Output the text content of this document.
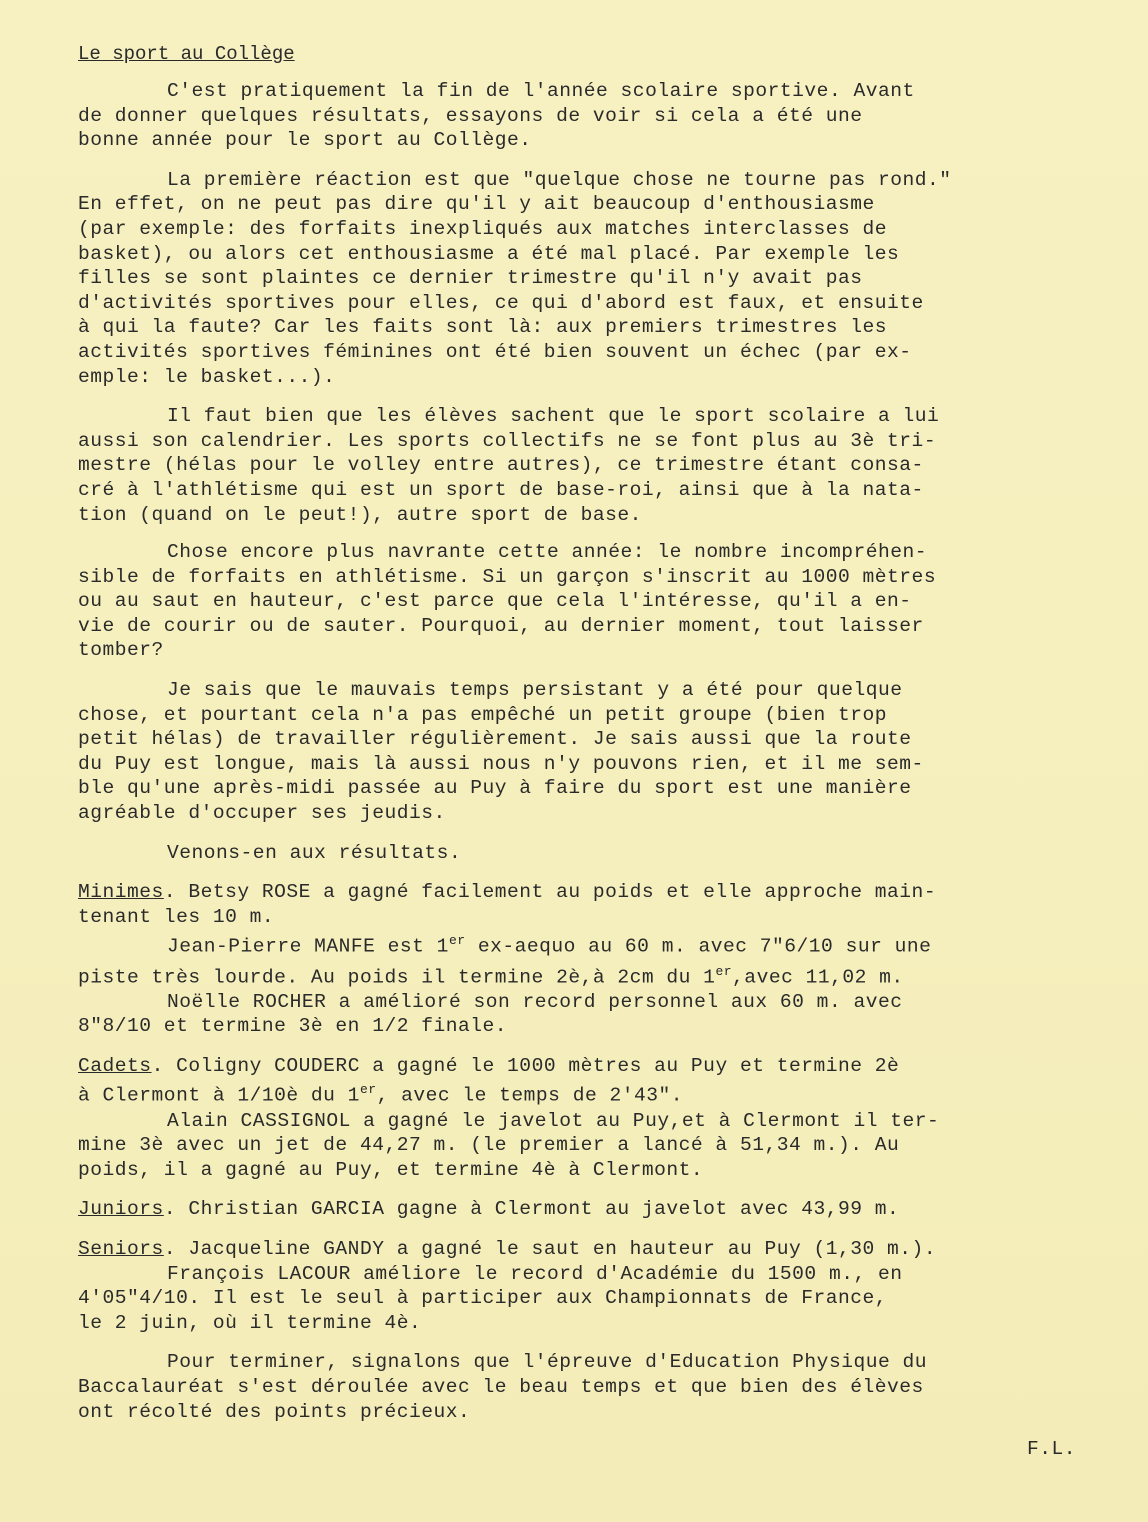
Le sport au Collège

C'est pratiquement la fin de l'année scolaire sportive. Avant

de donner quelques résultats, essayons de voir si cela a été une

bonne année pour le sport au Collège.

La première réaction est que "quelque chose ne tourne pas rond."

En effet, on ne peut pas dire qu'il y ait beaucoup d'enthousiasme

(par exemple: des forfaits inexpliqués aux matches interclasses de

basket), ou alors cet enthousiasme a été mal placé. Par exemple les

filles se sont plaintes ce dernier trimestre qu'il n'y avait pas

d'activités sportives pour elles, ce qui d'abord est faux, et ensuite

à qui la faute? Car les faits sont là: aux premiers trimestres les

activités sportives féminines ont été bien souvent un échec (par ex-

emple: le basket...).

Il faut bien que les élèves sachent que le sport scolaire a lui

aussi son calendrier. Les sports collectifs ne se font plus au 3è tri-

mestre (hélas pour le volley entre autres), ce trimestre étant consa-

cré à l'athlétisme qui est un sport de base-roi, ainsi que à la nata-

tion (quand on le peut!), autre sport de base.

Chose encore plus navrante cette année: le nombre incompréhen-

sible de forfaits en athlétisme. Si un garçon s'inscrit au 1000 mètres

ou au saut en hauteur, c'est parce que cela l'intéresse, qu'il a en-

vie de courir ou de sauter. Pourquoi, au dernier moment, tout laisser

tomber?

Je sais que le mauvais temps persistant y a été pour quelque

chose, et pourtant cela n'a pas empêché un petit groupe (bien trop

petit hélas) de travailler régulièrement. Je sais aussi que la route

du Puy est longue, mais là aussi nous n'y pouvons rien, et il me sem-

ble qu'une après-midi passée au Puy à faire du sport est une manière

agréable d'occuper ses jeudis.

Venons-en aux résultats.

Minimes. Betsy ROSE a gagné facilement au poids et elle approche main-

tenant les 10 m.

Jean-Pierre MANFE est 1er ex-aequo au 60 m. avec 7"6/10 sur une

piste très lourde. Au poids il termine 2è,à 2cm du 1er,avec 11,02 m.

Noëlle ROCHER a amélioré son record personnel aux 60 m. avec

8"8/10 et termine 3è en 1/2 finale.

Cadets. Coligny COUDERC a gagné le 1000 mètres au Puy et termine 2è

à Clermont à 1/10è du 1er, avec le temps de 2'43".

Alain CASSIGNOL a gagné le javelot au Puy,et à Clermont il ter-

mine 3è avec un jet de 44,27 m. (le premier a lancé à 51,34 m.). Au

poids, il a gagné au Puy, et termine 4è à Clermont.

Juniors. Christian GARCIA gagne à Clermont au javelot avec 43,99 m.

Seniors. Jacqueline GANDY a gagné le saut en hauteur au Puy (1,30 m.).

François LACOUR améliore le record d'Académie du 1500 m., en

4'05"4/10. Il est le seul à participer aux Championnats de France,

le 2 juin, où il termine 4è.

Pour terminer, signalons que l'épreuve d'Education Physique du

Baccalauréat s'est déroulée avec le beau temps et que bien des élèves

ont récolté des points précieux.

F.L.
